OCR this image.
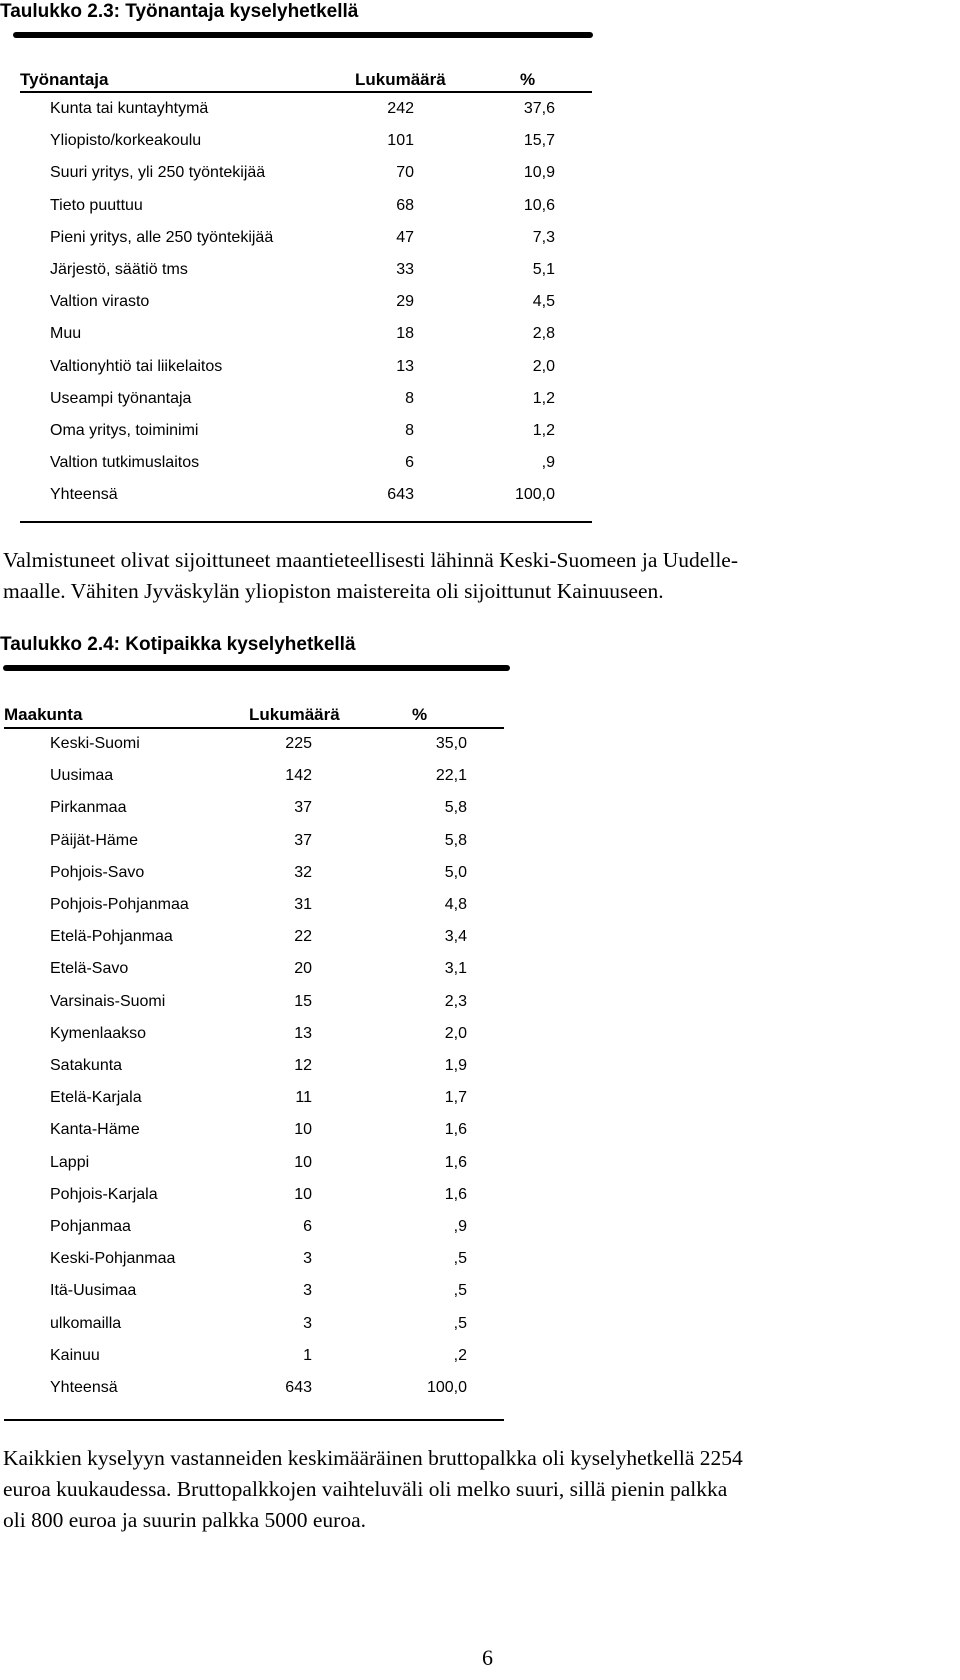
Taulukko 2.3: Työnantaja kyselyhetkellä
Työnantaja	Lukumäärä	%
Kunta tai kuntayhtymä	242	37,6
Yliopisto/korkeakoulu	101	15,7
Suuri yritys, yli 250 työntekijää	70	10,9
Tieto puuttuu	68	10,6
Pieni yritys, alle 250 työntekijää	47	7,3
Järjestö, säätiö tms	33	5,1
Valtion virasto	29	4,5
Muu	18	2,8
Valtionyhtiö tai liikelaitos	13	2,0
Useampi työnantaja	8	1,2
Oma yritys, toiminimi	8	1,2
Valtion tutkimuslaitos	6	,9
Yhteensä	643	100,0

Valmistuneet olivat sijoittuneet maantieteellisesti lähinnä Keski-Suomeen ja Uudelle-
maalle. Vähiten Jyväskylän yliopiston maistereita oli sijoittunut Kainuuseen.

Taulukko 2.4: Kotipaikka kyselyhetkellä
Maakunta	Lukumäärä	%
Keski-Suomi	225	35,0
Uusimaa	142	22,1
Pirkanmaa	37	5,8
Päijät-Häme	37	5,8
Pohjois-Savo	32	5,0
Pohjois-Pohjanmaa	31	4,8
Etelä-Pohjanmaa	22	3,4
Etelä-Savo	20	3,1
Varsinais-Suomi	15	2,3
Kymenlaakso	13	2,0
Satakunta	12	1,9
Etelä-Karjala	11	1,7
Kanta-Häme	10	1,6
Lappi	10	1,6
Pohjois-Karjala	10	1,6
Pohjanmaa	6	,9
Keski-Pohjanmaa	3	,5
Itä-Uusimaa	3	,5
ulkomailla	3	,5
Kainuu	1	,2
Yhteensä	643	100,0

Kaikkien kyselyyn vastanneiden keskimääräinen bruttopalkka oli kyselyhetkellä 2254
euroa kuukaudessa. Bruttopalkkojen vaihteluväli oli melko suuri, sillä pienin palkka
oli 800 euroa ja suurin palkka 5000 euroa.

6
